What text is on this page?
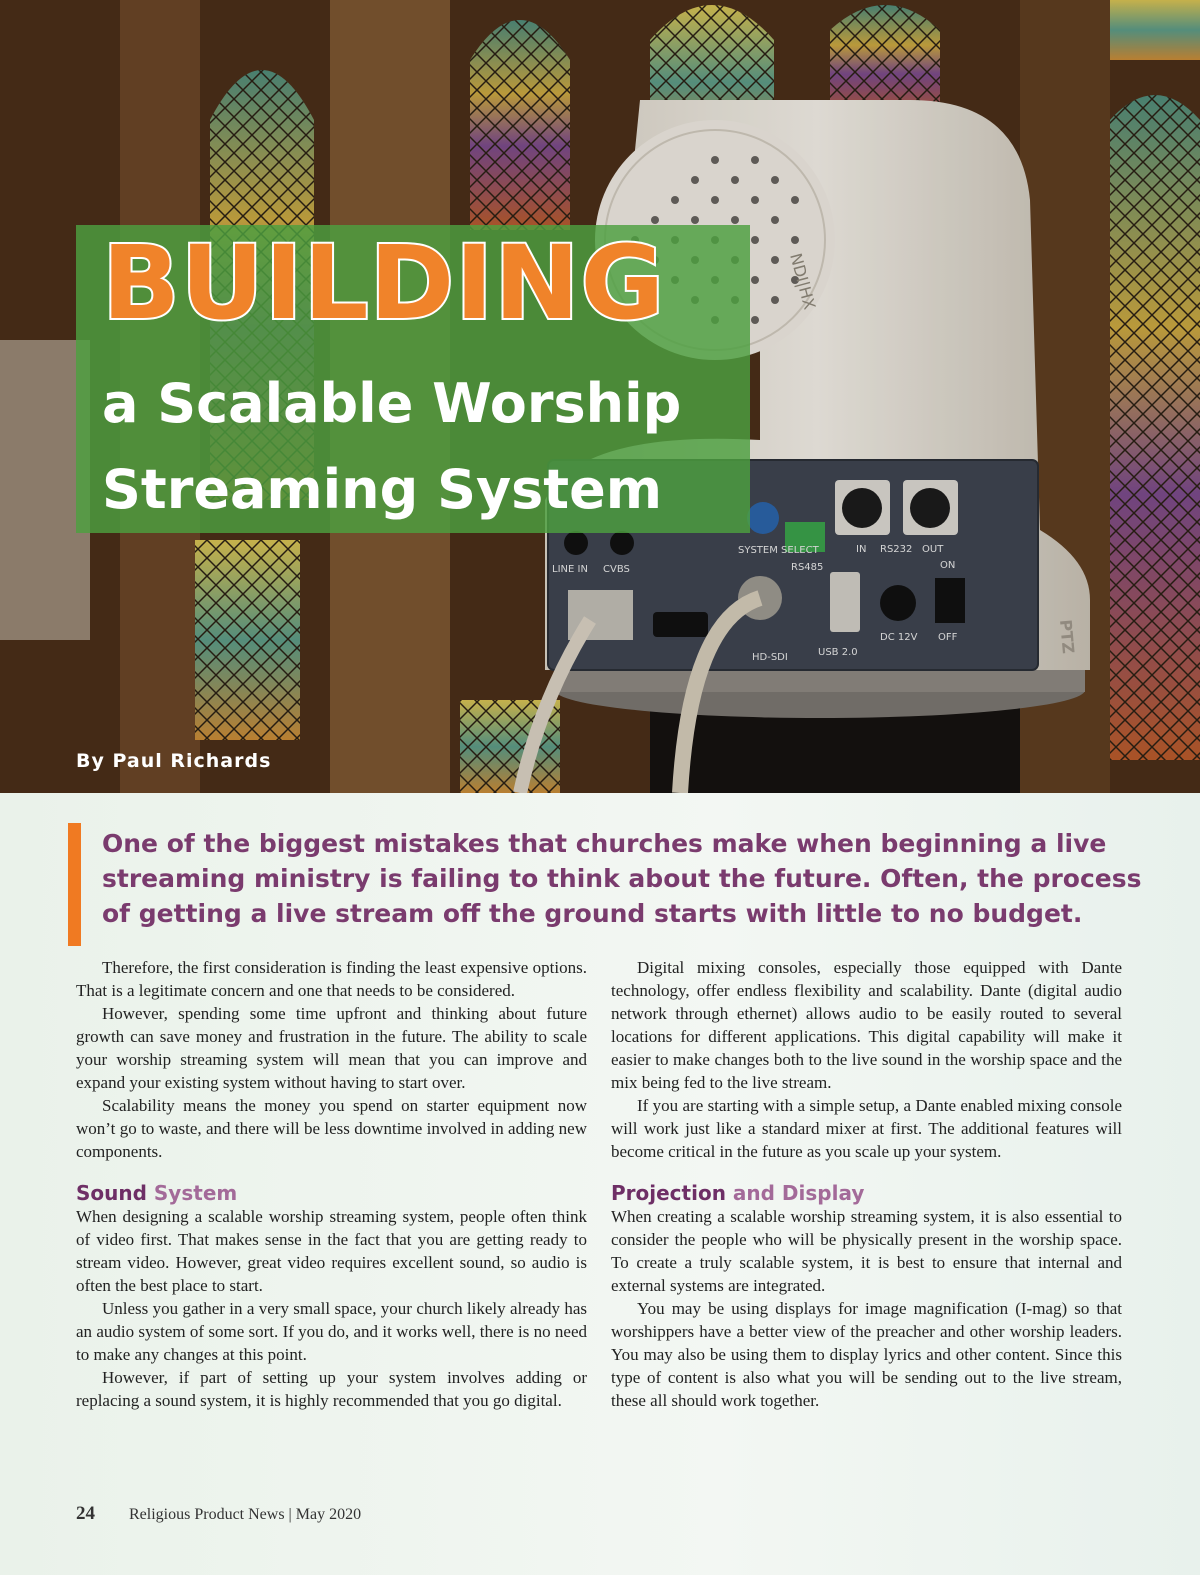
NDI|HX
LINE IN CVBS
SYSTEM SELECT
RS485
IN RS232 OUT
ON
OFF
DC 12V
HD-SDI	USB 2.0	PTZ
BUILDING
a Scalable Worship Streaming System
By Paul Richards
One of the biggest mistakes that churches make when beginning a live streaming ministry is failing to think about the future. Often, the process of getting a live stream off the ground starts with little to no budget.

Therefore, the first consideration is finding the least expensive options. That is a legitimate concern and one that needs to be considered.

However, spending some time upfront and thinking about future growth can save money and frustration in the future. The ability to scale your worship streaming system will mean that you can improve and expand your existing system without having to start over.

Scalability means the money you spend on starter equipment now won’t go to waste, and there will be less downtime involved in adding new components.

Sound System

When designing a scalable worship streaming system, people often think of video first. That makes sense in the fact that you are getting ready to stream video. However, great video requires excellent sound, so audio is often the best place to start.

Unless you gather in a very small space, your church likely already has an audio system of some sort. If you do, and it works well, there is no need to make any changes at this point.

However, if part of setting up your system involves adding or replacing a sound system, it is highly recommended that you go digital.

Digital mixing consoles, especially those equipped with Dante technology, offer endless flexibility and scalability. Dante (digital audio network through ethernet) allows audio to be easily routed to several locations for different applications. This digital capability will make it easier to make changes both to the live sound in the worship space and the mix being fed to the live stream.

If you are starting with a simple setup, a Dante enabled mixing console will work just like a standard mixer at first. The additional features will become critical in the future as you scale up your system.

Projection and Display

When creating a scalable worship streaming system, it is also essential to consider the people who will be physically present in the worship space. To create a truly scalable system, it is best to ensure that internal and external systems are integrated.

You may be using displays for image magnification (I-mag) so that worshippers have a better view of the preacher and other worship leaders. You may also be using them to display lyrics and other content. Since this type of content is also what you will be sending out to the live stream, these all should work together.

24 Religious Product News | May 2020
